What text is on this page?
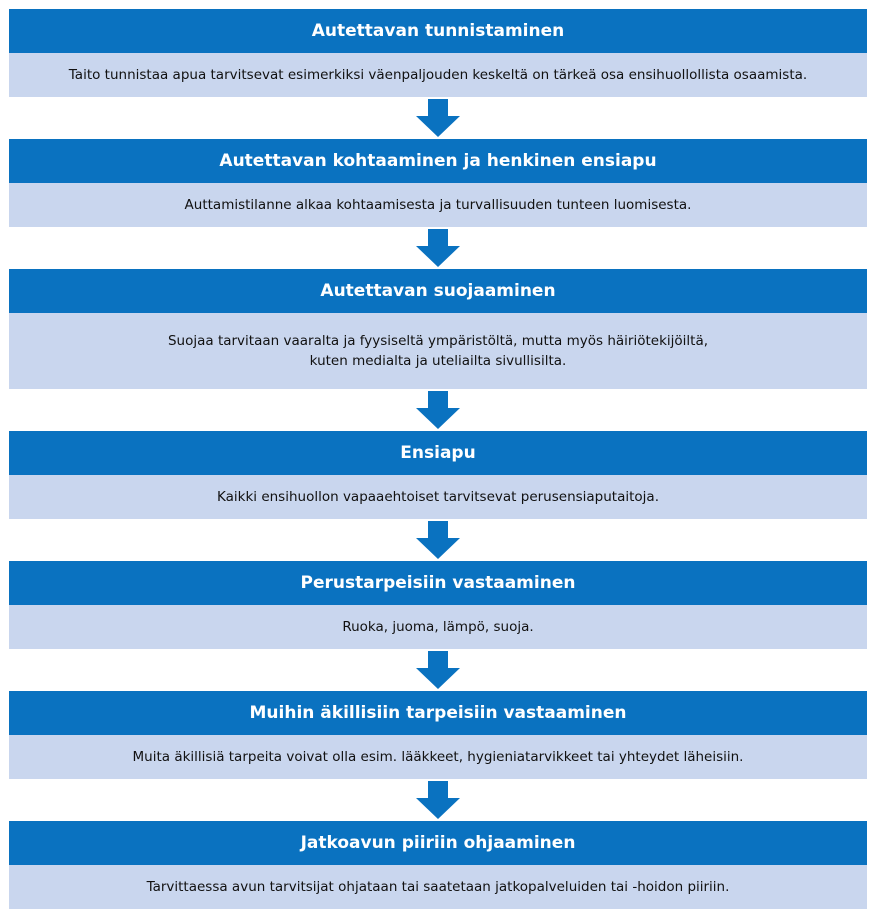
Autettavan tunnistaminen
Taito tunnistaa apua tarvitsevat esimerkiksi väenpaljouden keskeltä on tärkeä osa ensihuollollista osaamista.
Autettavan kohtaaminen ja henkinen ensiapu
Auttamistilanne alkaa kohtaamisesta ja turvallisuuden tunteen luomisesta.
Autettavan suojaaminen
Suojaa tarvitaan vaaralta ja fyysiseltä ympäristöltä, mutta myös häiriötekijöiltä,
kuten medialta ja uteliailta sivullisilta.
Ensiapu
Kaikki ensihuollon vapaaehtoiset tarvitsevat perusensiaputaitoja.
Perustarpeisiin vastaaminen
Ruoka, juoma, lämpö, suoja.
Muihin äkillisiin tarpeisiin vastaaminen
Muita äkillisiä tarpeita voivat olla esim. lääkkeet, hygieniatarvikkeet tai yhteydet läheisiin.
Jatkoavun piiriin ohjaaminen
Tarvittaessa avun tarvitsijat ohjataan tai saatetaan jatkopalveluiden tai -hoidon piiriin.
